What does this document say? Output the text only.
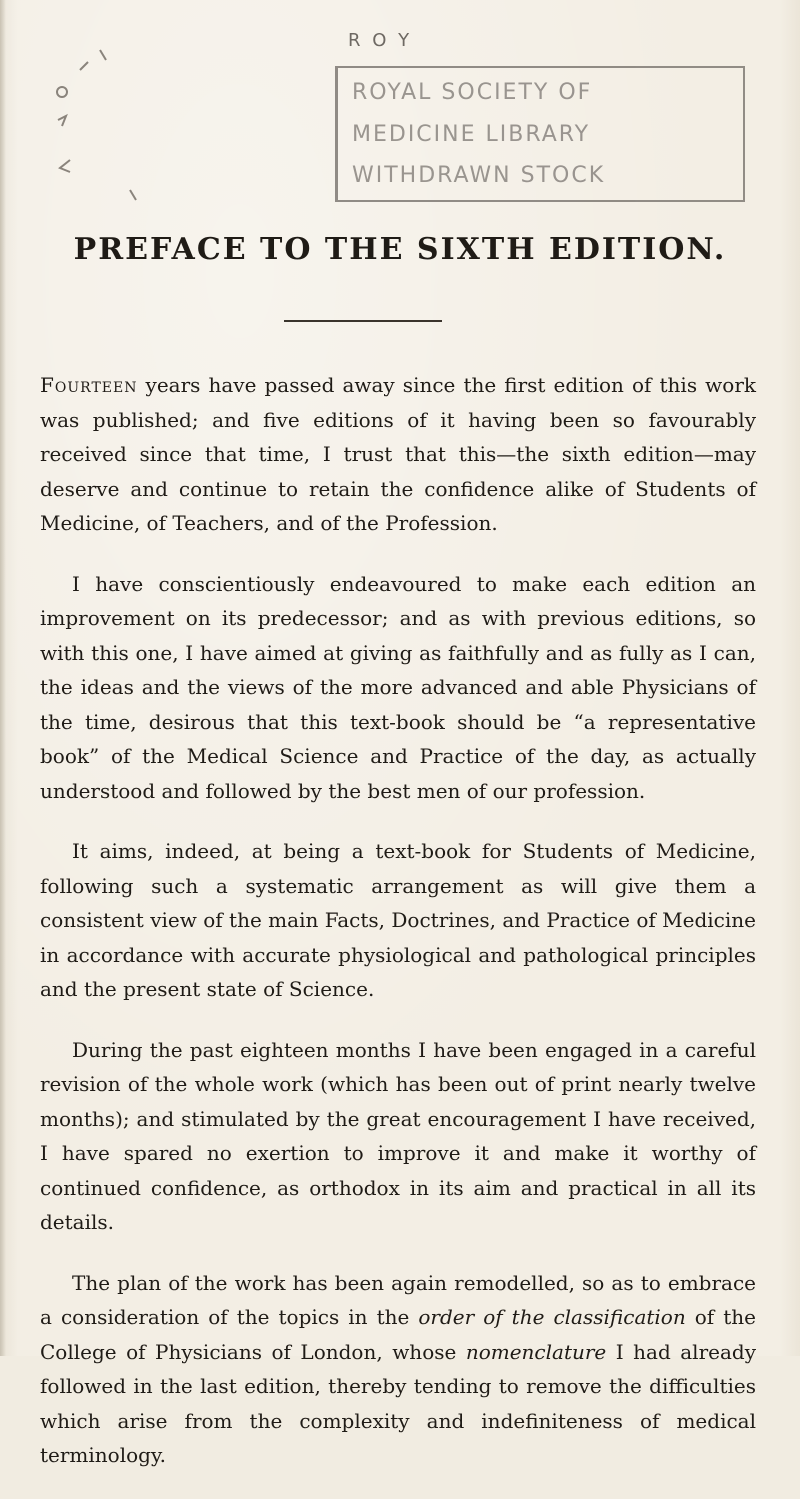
R O Y
ROYAL SOCIETY OF
MEDICINE LIBRARY
WITHDRAWN STOCK
PREFACE TO THE SIXTH EDITION.

Fourteen years have passed away since the first edition of this work was published; and five editions of it having been so favourably received since that time, I trust that this—the sixth edition—may deserve and continue to retain the confidence alike of Students of Medicine, of Teachers, and of the Profession.

I have conscientiously endeavoured to make each edition an improvement on its predecessor; and as with previous editions, so with this one, I have aimed at giving as faithfully and as fully as I can, the ideas and the views of the more advanced and able Physicians of the time, desirous that this text-book should be “a representative book” of the Medical Science and Practice of the day, as actually understood and followed by the best men of our profession.

It aims, indeed, at being a text-book for Students of Medicine, following such a systematic arrangement as will give them a consistent view of the main Facts, Doctrines, and Practice of Medicine in accordance with accurate physiological and pathological principles and the present state of Science.

During the past eighteen months I have been engaged in a careful revision of the whole work (which has been out of print nearly twelve months); and stimulated by the great encouragement I have received, I have spared no exertion to improve it and make it worthy of continued confidence, as orthodox in its aim and practical in all its details.

The plan of the work has been again remodelled, so as to embrace a consideration of the topics in the order of the classification of the College of Physicians of London, whose nomenclature I had already followed in the last edition, thereby tending to remove the difficulties which arise from the complexity and indefiniteness of medical terminology.
